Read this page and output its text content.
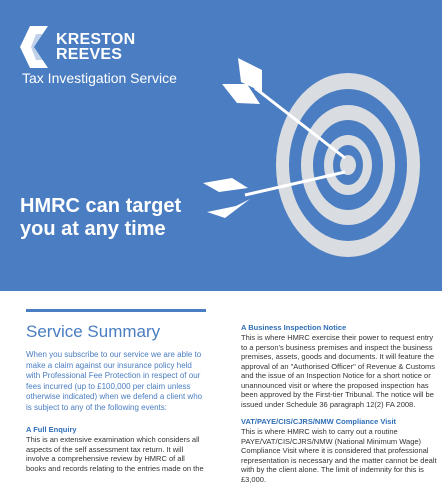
KRESTON
REEVES
Tax Investigation Service
HMRC can target
you at any time
Service Summary

When you subscribe to our service we are able to make a claim against our insurance policy held with Professional Fee Protection in respect of our fees incurred (up to £100,000 per claim unless otherwise indicated) when we defend a client who is subject to any of the following events:

A Full Enquiry

This is an extensive examination which considers all aspects of the self assessment tax return. It will involve a comprehensive review by HMRC of all books and records relating to the entries made on the

A Business Inspection Notice

This is where HMRC exercise their power to request entry to a person's business premises and inspect the business premises, assets, goods and documents. It will feature the approval of an "Authorised Officer" of Revenue & Customs and the issue of an Inspection Notice for a short notice or unannounced visit or where the proposed inspection has been approved by the First-tier Tribunal. The notice will be issued under Schedule 36 paragraph 12(2) FA 2008.

VAT/PAYE/CIS/CJRS/NMW Compliance Visit

This is where HMRC wish to carry out a routine PAYE/VAT/CIS/CJRS/NMW (National Minimum Wage) Compliance Visit where it is considered that professional representation is necessary and the matter cannot be dealt with by the client alone. The limit of indemnity for this is £3,000.
